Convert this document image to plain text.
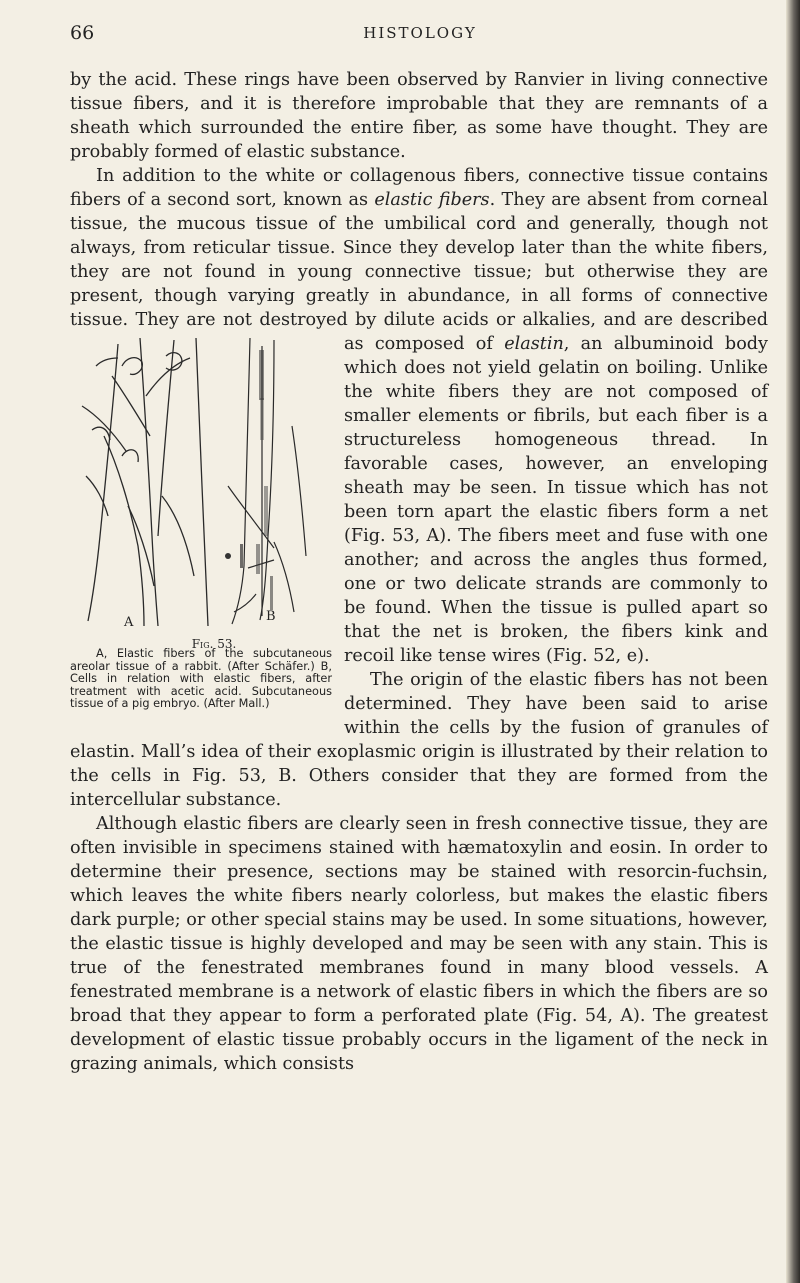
66	HISTOLOGY

by the acid. These rings have been observed by Ranvier in living connective tissue fibers, and it is therefore improbable that they are remnants of a sheath which surrounded the entire fiber, as some have thought. They are probably formed of elastic substance.

In addition to the white or collagenous fibers, connective tissue contains fibers of a second sort, known as elastic fibers. They are absent from corneal tissue, the mucous tissue of the umbilical cord and generally, though not always, from reticular tissue. Since they develop later than the white fibers, they are not found in young connective tissue; but otherwise they are present, though varying greatly in abundance, in all forms of connective tissue. They are not destroyed by dilute acids or alkalies, and are described as composed of
A	B
Fig. 53.
A, Elastic fibers of the subcutaneous areolar tissue of a rabbit. (After Schäfer.) B, Cells in relation with elastic fibers, after treatment with acetic acid. Subcutaneous tissue of a pig embryo. (After Mall.)
elastin, an albuminoid body which does not yield gelatin on boiling. Unlike the white fibers they are not composed of smaller elements or fibrils, but each fiber is a structureless homogeneous thread. In favorable cases, however, an enveloping sheath may be seen. In tissue which has not been torn apart the elastic fibers form a net (Fig. 53, A). The fibers meet and fuse with one another; and across the angles thus formed, one or two delicate strands are commonly to be found. When the tissue is pulled apart so that the net is broken, the fibers kink and recoil like tense wires (Fig. 52, e).

The origin of the elastic fibers has not been determined. They have been said to arise within the cells by the fusion of granules of elastin. Mall’s idea of their exoplasmic origin is illustrated by their relation to the cells in Fig. 53, B. Others consider that they are formed from the intercellular substance.

Although elastic fibers are clearly seen in fresh connective tissue, they are often invisible in specimens stained with hæmatoxylin and eosin. In order to determine their presence, sections may be stained with resorcin-fuchsin, which leaves the white fibers nearly colorless, but makes the elastic fibers dark purple; or other special stains may be used. In some situations, however, the elastic tissue is highly developed and may be seen with any stain. This is true of the fenestrated membranes found in many blood vessels. A fenestrated membrane is a network of elastic fibers in which the fibers are so broad that they appear to form a perforated plate (Fig. 54, A). The greatest development of elastic tissue probably occurs in the ligament of the neck in grazing animals, which consists
